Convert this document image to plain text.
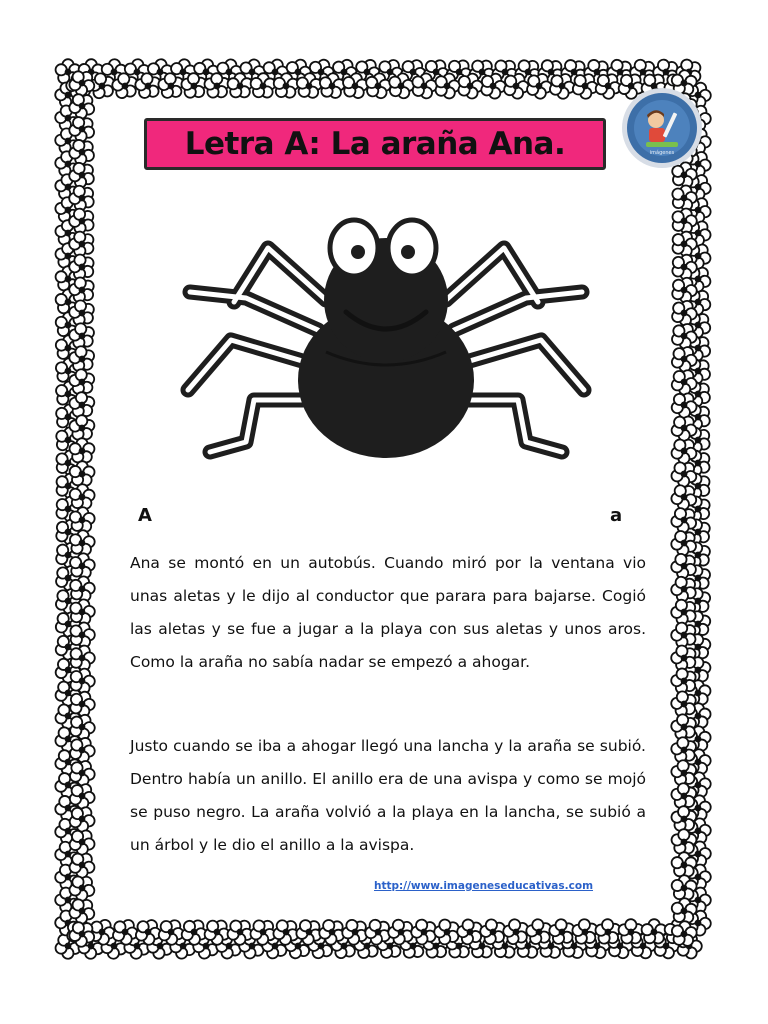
Letra A: La araña Ana.	imágenes
A	a

Ana se montó en un autobús. Cuando miró por la ventana vio unas aletas y le dijo al conductor que parara para bajarse. Cogió las aletas y se fue a jugar a la playa con sus aletas y unos aros. Como la araña no sabía nadar se empezó a ahogar.

Justo cuando se iba a ahogar llegó una lancha y la araña se subió. Dentro había un anillo. El anillo era de una avispa y como se mojó se puso negro. La araña volvió a la playa en la lancha, se subió a un árbol y le dio el anillo a la avispa.

http://www.imageneseducativas.com
